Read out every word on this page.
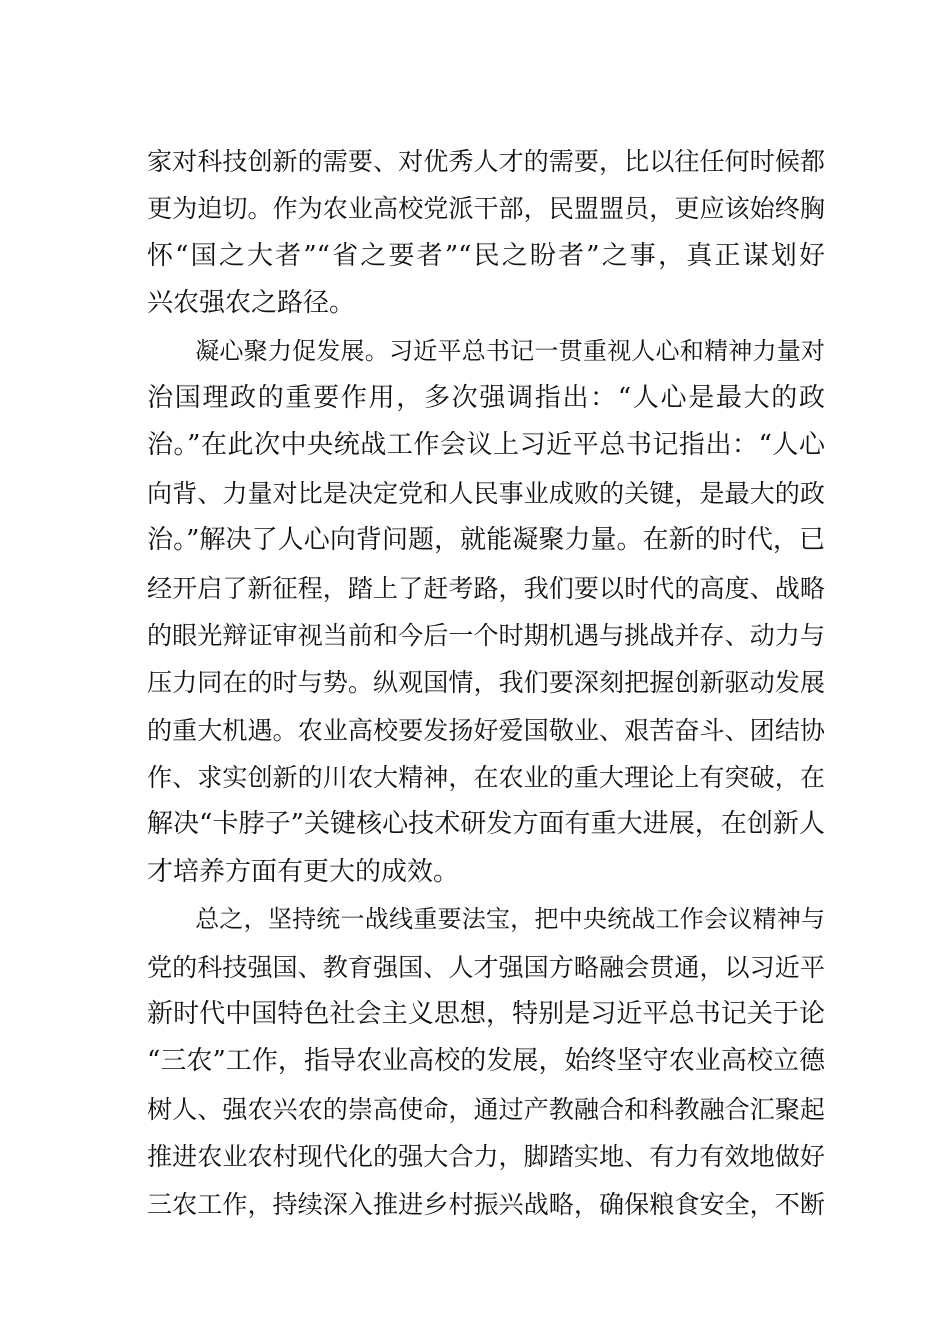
家对科技创新的需要、对优秀人才的需要，比以往任何时候都
更为迫切。作为农业高校党派干部，民盟盟员，更应该始终胸
怀“国之大者”“省之要者”“民之盼者”之事，真正谋划好
兴农强农之路径。
凝心聚力促发展。习近平总书记一贯重视人心和精神力量对
治国理政的重要作用，多次强调指出：“人心是最大的政
治。”在此次中央统战工作会议上习近平总书记指出：“人心
向背、力量对比是决定党和人民事业成败的关键，是最大的政
治。”解决了人心向背问题，就能凝聚力量。在新的时代，已
经开启了新征程，踏上了赶考路，我们要以时代的高度、战略
的眼光辩证审视当前和今后一个时期机遇与挑战并存、动力与
压力同在的时与势。纵观国情，我们要深刻把握创新驱动发展
的重大机遇。农业高校要发扬好爱国敬业、艰苦奋斗、团结协
作、求实创新的川农大精神，在农业的重大理论上有突破，在
解决“卡脖子”关键核心技术研发方面有重大进展，在创新人
才培养方面有更大的成效。
总之，坚持统一战线重要法宝，把中央统战工作会议精神与
党的科技强国、教育强国、人才强国方略融会贯通，以习近平
新时代中国特色社会主义思想，特别是习近平总书记关于论
“三农”工作，指导农业高校的发展，始终坚守农业高校立德
树人、强农兴农的崇高使命，通过产教融合和科教融合汇聚起
推进农业农村现代化的强大合力，脚踏实地、有力有效地做好
三农工作，持续深入推进乡村振兴战略，确保粮食安全，不断
